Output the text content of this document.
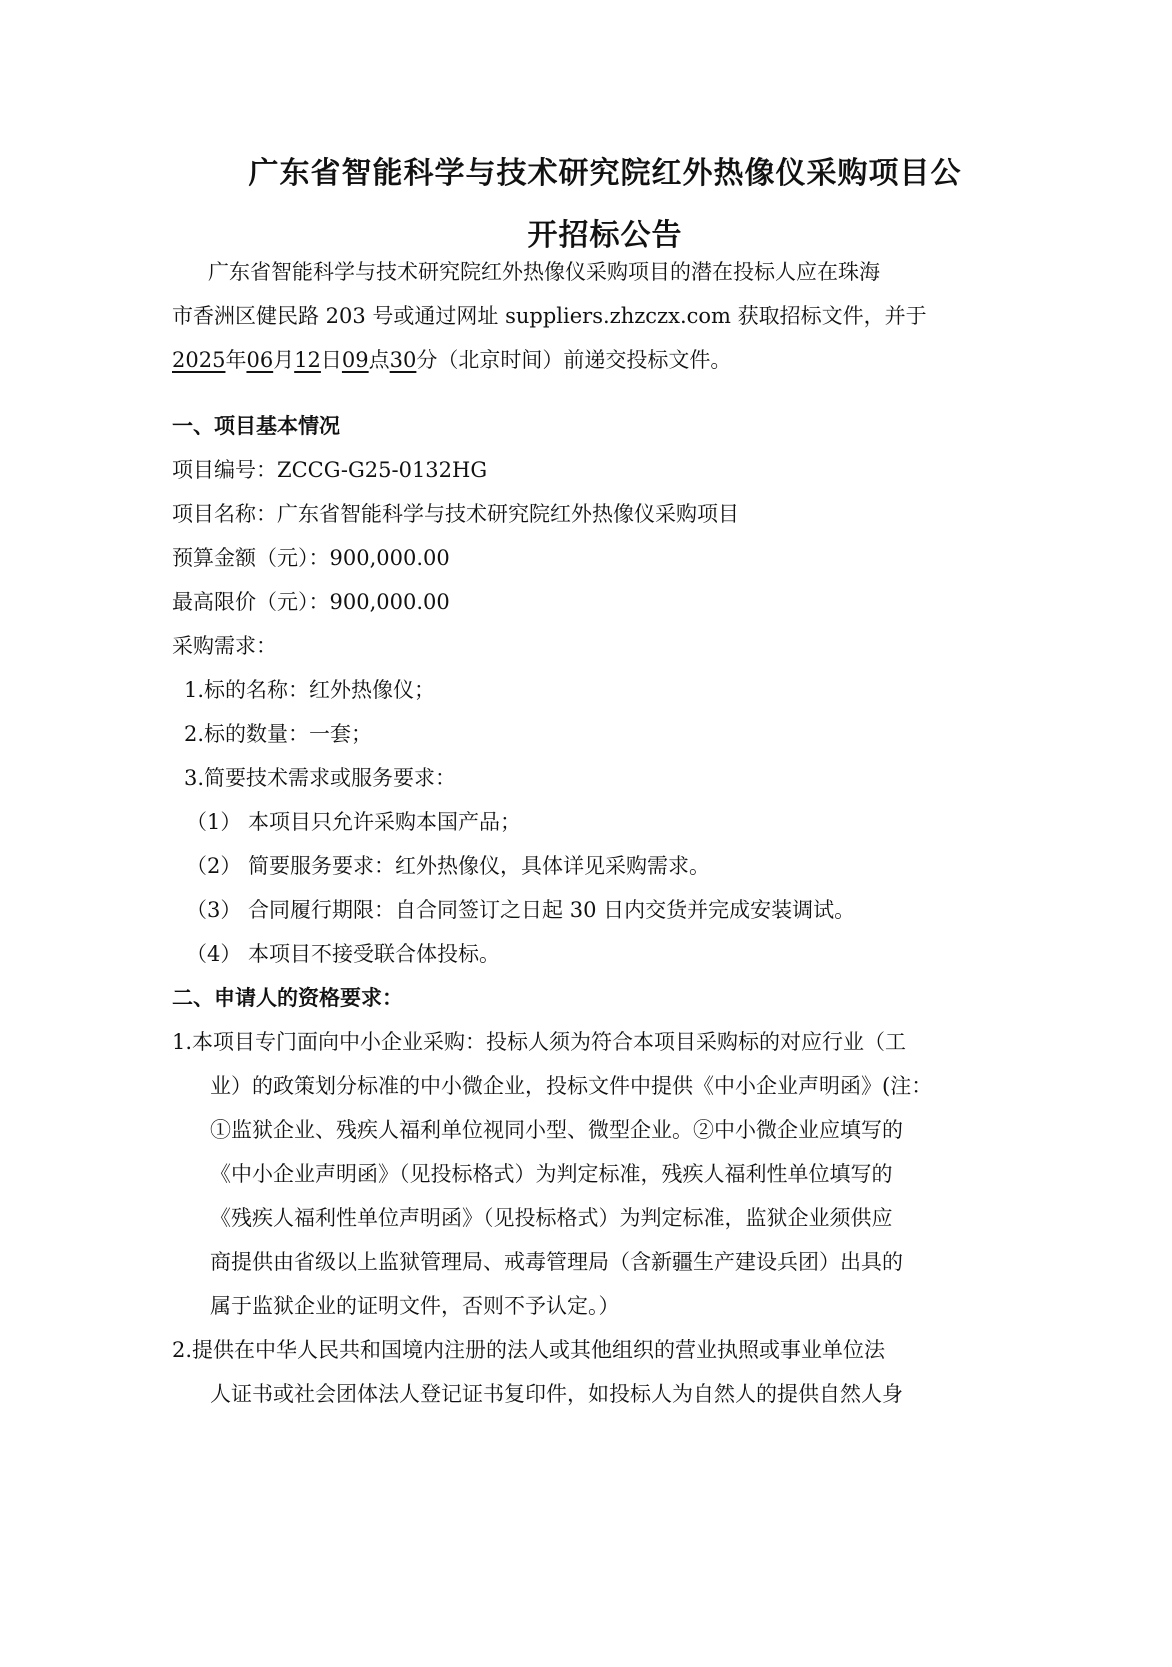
广东省智能科学与技术研究院红外热像仪采购项目公
开招标公告
广东省智能科学与技术研究院红外热像仪采购项目的潜在投标人应在珠海
市香洲区健民路 203 号或通过网址 suppliers.zhzczx.com 获取招标文件，并于
2025年06月12日09点30分（北京时间）前递交投标文件。
一、项目基本情况
项目编号：ZCCG-G25-0132HG
项目名称：广东省智能科学与技术研究院红外热像仪采购项目
预算金额（元）：900,000.00
最高限价（元）：900,000.00
采购需求：
1.标的名称：红外热像仪；
2.标的数量：一套；
3.简要技术需求或服务要求：
（1） 本项目只允许采购本国产品；
（2） 简要服务要求：红外热像仪，具体详见采购需求。
（3） 合同履行期限：自合同签订之日起 30 日内交货并完成安装调试。
（4） 本项目不接受联合体投标。
二、申请人的资格要求：
1.本项目专门面向中小企业采购：投标人须为符合本项目采购标的对应行业（工
业）的政策划分标准的中小微企业，投标文件中提供《中小企业声明函》(注：
①监狱企业、残疾人福利单位视同小型、微型企业。②中小微企业应填写的
《中小企业声明函》（见投标格式）为判定标准，残疾人福利性单位填写的
《残疾人福利性单位声明函》（见投标格式）为判定标准，监狱企业须供应
商提供由省级以上监狱管理局、戒毒管理局（含新疆生产建设兵团）出具的
属于监狱企业的证明文件，否则不予认定。）
2.提供在中华人民共和国境内注册的法人或其他组织的营业执照或事业单位法
人证书或社会团体法人登记证书复印件，如投标人为自然人的提供自然人身
